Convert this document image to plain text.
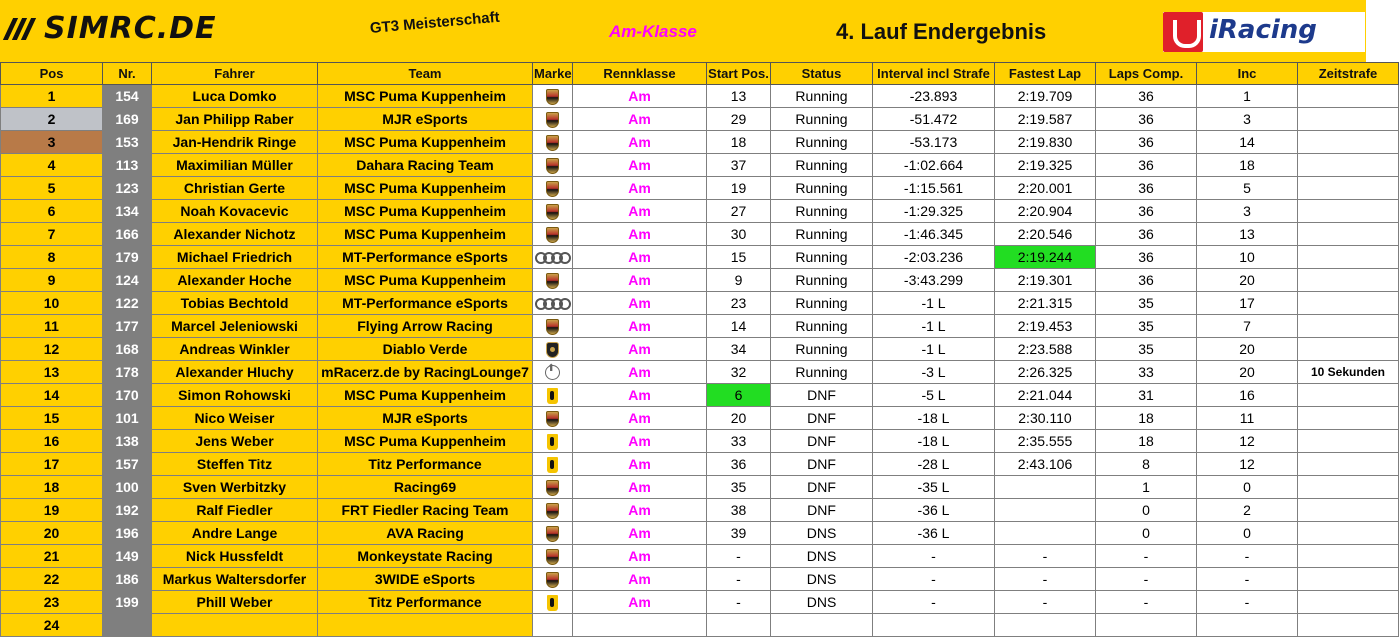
SIMRC.DE	GT3 Meisterschaft	Am-Klasse	4. Lauf Endergebnis	iRacing
Pos	Nr.	Fahrer	Team	Marke	Rennklasse	Start Pos.	Status	Interval incl Strafe	Fastest Lap	Laps Comp.	Inc	Zeitstrafe
1	154	Luca Domko	MSC Puma Kuppenheim		Am	13	Running	-23.893	2:19.709	36	1	
2	169	Jan Philipp Raber	MJR eSports		Am	29	Running	-51.472	2:19.587	36	3	
3	153	Jan-Hendrik Ringe	MSC Puma Kuppenheim		Am	18	Running	-53.173	2:19.830	36	14	
4	113	Maximilian Müller	Dahara Racing Team		Am	37	Running	-1:02.664	2:19.325	36	18	
5	123	Christian Gerte	MSC Puma Kuppenheim		Am	19	Running	-1:15.561	2:20.001	36	5	
6	134	Noah Kovacevic	MSC Puma Kuppenheim		Am	27	Running	-1:29.325	2:20.904	36	3	
7	166	Alexander Nichotz	MSC Puma Kuppenheim		Am	30	Running	-1:46.345	2:20.546	36	13	
8	179	Michael Friedrich	MT-Performance eSports		Am	15	Running	-2:03.236	2:19.244	36	10	
9	124	Alexander Hoche	MSC Puma Kuppenheim		Am	9	Running	-3:43.299	2:19.301	36	20	
10	122	Tobias Bechtold	MT-Performance eSports		Am	23	Running	-1 L	2:21.315	35	17	
11	177	Marcel Jeleniowski	Flying Arrow Racing		Am	14	Running	-1 L	2:19.453	35	7	
12	168	Andreas Winkler	Diablo Verde		Am	34	Running	-1 L	2:23.588	35	20	
13	178	Alexander Hluchy	mRacerz.de by RacingLounge7	⬆	Am	32	Running	-3 L	2:26.325	33	20	10 Sekunden
14	170	Simon Rohowski	MSC Puma Kuppenheim		Am	6	DNF	-5 L	2:21.044	31	16	
15	101	Nico Weiser	MJR eSports		Am	20	DNF	-18 L	2:30.110	18	11	
16	138	Jens Weber	MSC Puma Kuppenheim		Am	33	DNF	-18 L	2:35.555	18	12	
17	157	Steffen Titz	Titz Performance		Am	36	DNF	-28 L	2:43.106	8	12	
18	100	Sven Werbitzky	Racing69		Am	35	DNF	-35 L		1	0	
19	192	Ralf Fiedler	FRT Fiedler Racing Team		Am	38	DNF	-36 L		0	2	
20	196	Andre Lange	AVA Racing		Am	39	DNS	-36 L		0	0	
21	149	Nick Hussfeldt	Monkeystate Racing		Am	-	DNS	-	-	-	-	
22	186	Markus Waltersdorfer	3WIDE eSports		Am	-	DNS	-	-	-	-	
23	199	Phill Weber	Titz Performance		Am	-	DNS	-	-	-	-	
24												
